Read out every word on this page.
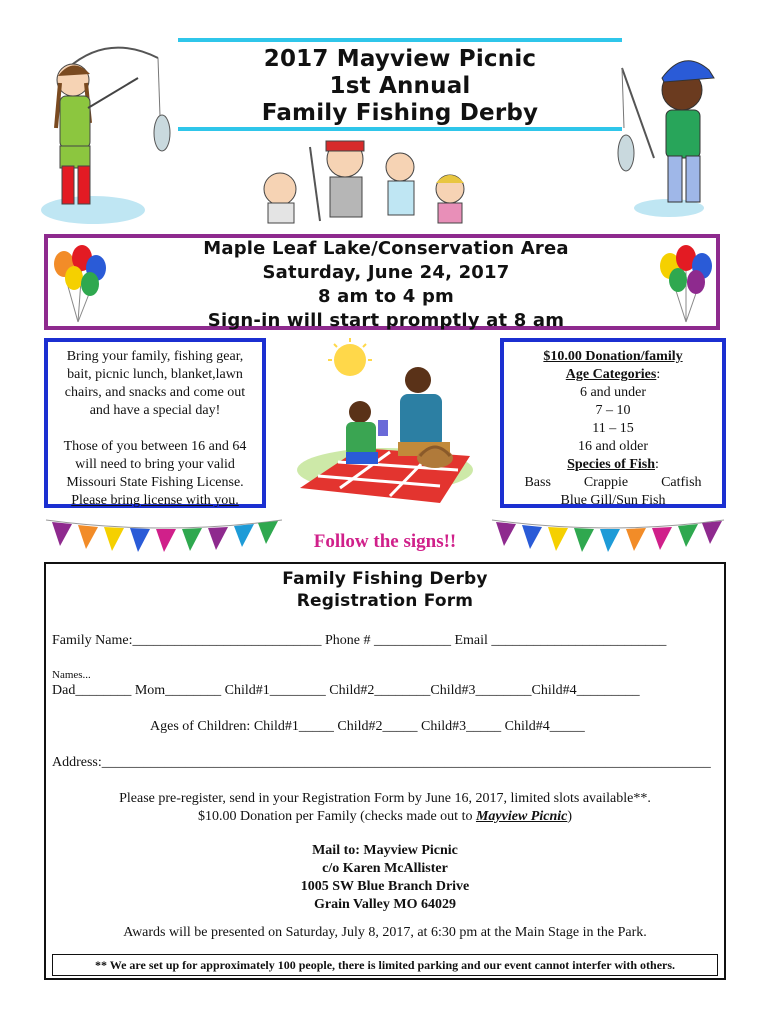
2017 Mayview Picnic
1st Annual
Family Fishing Derby
Maple Leaf Lake/Conservation Area
Saturday, June 24, 2017
8 am to 4 pm
Sign-in will start promptly at 8 am
Bring your family, fishing gear, bait, picnic lunch, blanket,lawn chairs, and snacks and come out and have a special day!
Those of you between 16 and 64 will need to bring your valid Missouri State Fishing License.
Please bring license with you.
$10.00 Donation/family
Age Categories:
6 and under
7 – 10
11 – 15
16 and older
Species of Fish:
Bass Crappie Catfish
Blue Gill/Sun Fish
Follow the signs!!
Family Fishing Derby
Registration Form
Family Name:___________________________ Phone # ___________ Email _________________________
Names...
Dad________ Mom________ Child#1________ Child#2________Child#3________Child#4_________
Ages of Children: Child#1_____ Child#2_____ Child#3_____ Child#4_____
Address:_______________________________________________________________________________________
Please pre-register, send in your Registration Form by June 16, 2017, limited slots available**.
$10.00 Donation per Family (checks made out to Mayview Picnic)
Mail to: Mayview Picnic
c/o Karen McAllister
1005 SW Blue Branch Drive
Grain Valley MO 64029
Awards will be presented on Saturday, July 8, 2017, at 6:30 pm at the Main Stage in the Park.
** We are set up for approximately 100 people, there is limited parking and our event cannot interfer with others.
